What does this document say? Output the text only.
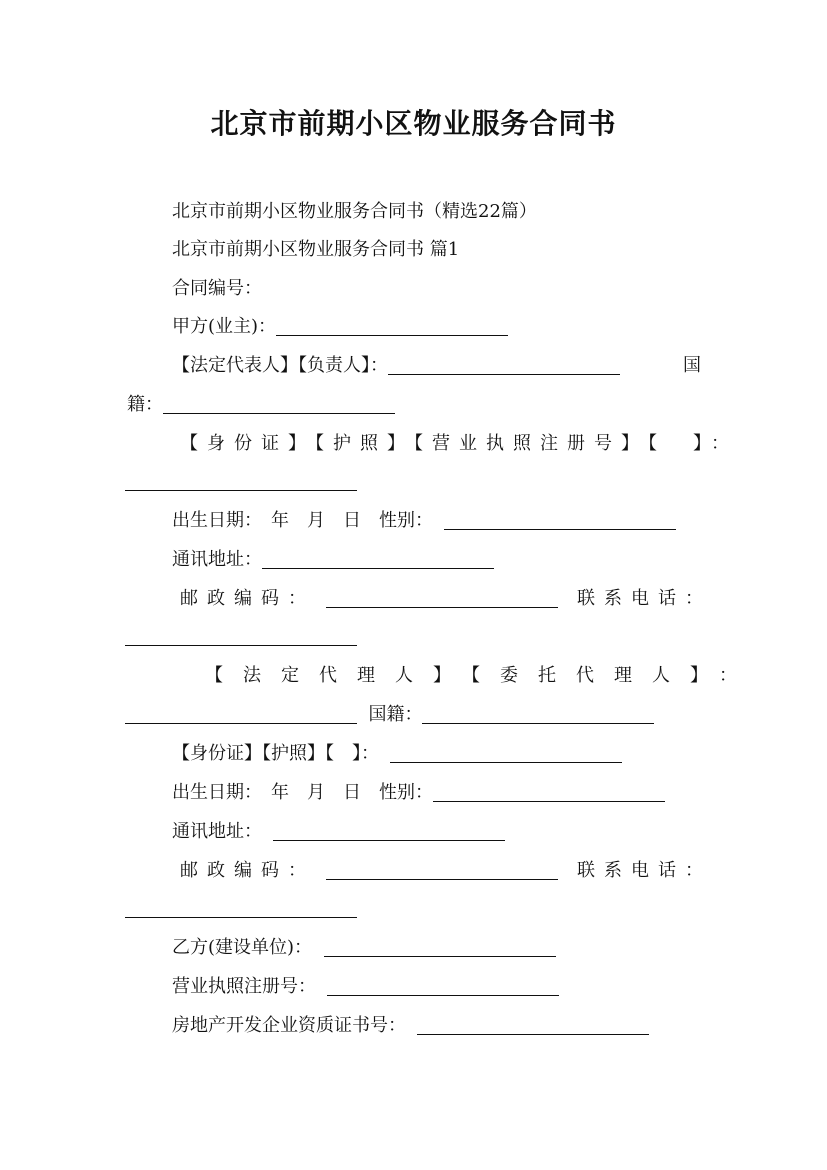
北京市前期小区物业服务合同书
北京市前期小区物业服务合同书（精选22篇）
北京市前期小区物业服务合同书 篇1
合同编号：
甲方(业主)：
【法定代表人】【负责人】：	国
籍：
【身份证】【护照】【营业执照注册号】【　】：
出生日期：　年　月　日　性别：
通讯地址：
邮政编码：	联系电话：
【法定代理人】【委托代理人】：
国籍：
【身份证】【护照】【　】：
出生日期：　年　月　日　性别：
通讯地址：
邮政编码：	联系电话：
乙方(建设单位)：
营业执照注册号：
房地产开发企业资质证书号：
